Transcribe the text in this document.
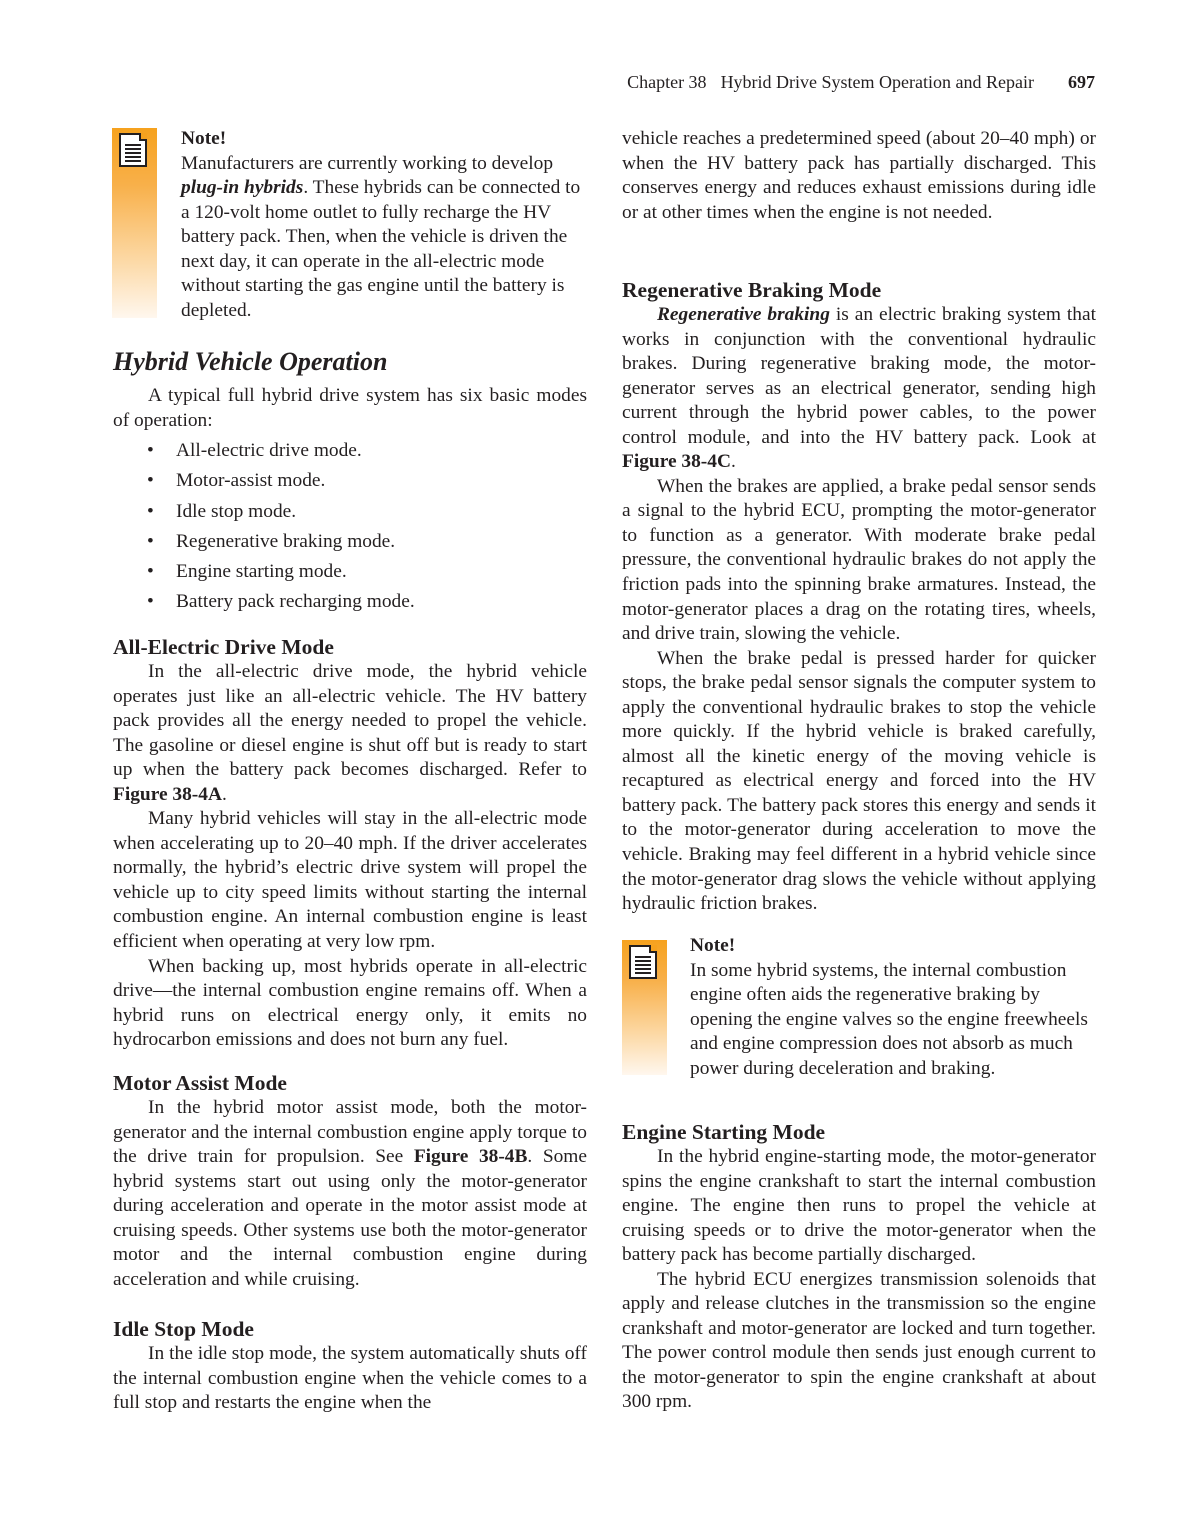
Chapter 38 Hybrid Drive System Operation and Repair 697
Note!

Manufacturers are currently working to develop plug-in hybrids. These hybrids can be connected to a 120-volt home outlet to fully recharge the HV battery pack. Then, when the vehicle is driven the next day, it can operate in the all-electric mode without starting the gas engine until the battery is depleted.

Hybrid Vehicle Operation

A typical full hybrid drive system has six basic modes of operation:

• All-electric drive mode.
• Motor-assist mode.
• Idle stop mode.
• Regenerative braking mode.
• Engine starting mode.
• Battery pack recharging mode.
All-Electric Drive Mode

In the all-electric drive mode, the hybrid vehicle operates just like an all-electric vehicle. The HV battery pack provides all the energy needed to propel the vehicle. The gasoline or diesel engine is shut off but is ready to start up when the battery pack becomes discharged. Refer to Figure 38-4A.

Many hybrid vehicles will stay in the all-electric mode when accelerating up to 20–40 mph. If the driver accelerates normally, the hybrid’s electric drive system will propel the vehicle up to city speed limits without starting the internal combustion engine. An internal combustion engine is least efficient when operating at very low rpm.

When backing up, most hybrids operate in all-electric drive—the internal combustion engine remains off. When a hybrid runs on electrical energy only, it emits no hydrocarbon emissions and does not burn any fuel.

Motor Assist Mode

In the hybrid motor assist mode, both the motor-generator and the internal combustion engine apply torque to the drive train for propulsion. See Figure 38-4B. Some hybrid systems start out using only the motor-generator during acceleration and operate in the motor assist mode at cruising speeds. Other systems use both the motor-generator motor and the internal combustion engine during acceleration and while cruising.

Idle Stop Mode

In the idle stop mode, the system automatically shuts off the internal combustion engine when the vehicle comes to a full stop and restarts the engine when the

vehicle reaches a predetermined speed (about 20–40 mph) or when the HV battery pack has partially discharged. This conserves energy and reduces exhaust emissions during idle or at other times when the engine is not needed.

Regenerative Braking Mode

Regenerative braking is an electric braking system that works in conjunction with the conventional hydraulic brakes. During regenerative braking mode, the motor-generator serves as an electrical generator, sending high current through the hybrid power cables, to the power control module, and into the HV battery pack. Look at Figure 38-4C.

When the brakes are applied, a brake pedal sensor sends a signal to the hybrid ECU, prompting the motor-generator to function as a generator. With moderate brake pedal pressure, the conventional hydraulic brakes do not apply the friction pads into the spinning brake armatures. Instead, the motor-generator places a drag on the rotating tires, wheels, and drive train, slowing the vehicle.

When the brake pedal is pressed harder for quicker stops, the brake pedal sensor signals the computer system to apply the conventional hydraulic brakes to stop the vehicle more quickly. If the hybrid vehicle is braked carefully, almost all the kinetic energy of the moving vehicle is recaptured as electrical energy and forced into the HV battery pack. The battery pack stores this energy and sends it to the motor-generator during acceleration to move the vehicle. Braking may feel different in a hybrid vehicle since the motor-generator drag slows the vehicle without applying hydraulic friction brakes.

Note!

In some hybrid systems, the internal combustion engine often aids the regenerative braking by opening the engine valves so the engine freewheels and engine compression does not absorb as much power during deceleration and braking.

Engine Starting Mode

In the hybrid engine-starting mode, the motor-generator spins the engine crankshaft to start the internal combustion engine. The engine then runs to propel the vehicle at cruising speeds or to drive the motor-generator when the battery pack has become partially discharged.

The hybrid ECU energizes transmission solenoids that apply and release clutches in the transmission so the engine crankshaft and motor-generator are locked and turn together. The power control module then sends just enough current to the motor-generator to spin the engine crankshaft at about 300 rpm.
